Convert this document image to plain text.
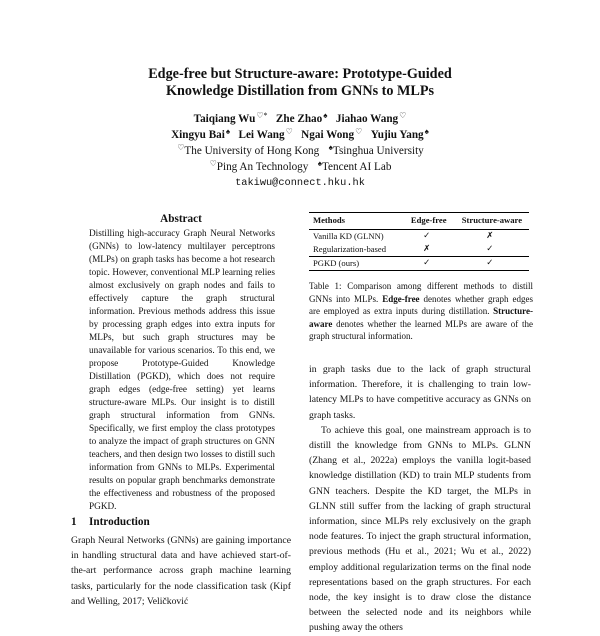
Edge-free but Structure-aware: Prototype-Guided
Knowledge Distillation from GNNs to MLPs
Taiqiang Wu♡* Zhe Zhao♠ Jiahao Wang♡
Xingyu Bai♠ Lei Wang♡ Ngai Wong♡ Yujiu Yang♠
♡The University of Hong Kong ♠Tsinghua University
♡Ping An Technology ♠Tencent AI Lab
takiwu@connect.hku.hk
Abstract
Distilling high-accuracy Graph Neural Networks (GNNs) to low-latency multilayer perceptrons (MLPs) on graph tasks has become a hot research topic. However, conventional MLP learning relies almost exclusively on graph nodes and fails to effectively capture the graph structural information. Previous methods address this issue by processing graph edges into extra inputs for MLPs, but such graph structures may be unavailable for various scenarios. To this end, we propose Prototype-Guided Knowledge Distillation (PGKD), which does not require graph edges (edge-free setting) yet learns structure-aware MLPs. Our insight is to distill graph structural information from GNNs. Specifically, we first employ the class prototypes to analyze the impact of graph structures on GNN teachers, and then design two losses to distill such information from GNNs to MLPs. Experimental results on popular graph benchmarks demonstrate the effectiveness and robustness of the proposed PGKD.
1 Introduction
Graph Neural Networks (GNNs) are gaining importance in handling structural data and have achieved start-of-the-art performance across graph machine learning tasks, particularly for the node classification task (Kipf and Welling, 2017; Veličković
Methods	Edge-free	Structure-aware
Vanilla KD (GLNN)	✓	✗
Regularization-based	✗	✓
PGKD (ours)	✓	✓
Table 1: Comparison among different methods to distill GNNs into MLPs. Edge-free denotes whether graph edges are employed as extra inputs during distillation. Structure-aware denotes whether the learned MLPs are aware of the graph structural information.

in graph tasks due to the lack of graph structural information. Therefore, it is challenging to train low-latency MLPs to have competitive accuracy as GNNs on graph tasks.

To achieve this goal, one mainstream approach is to distill the knowledge from GNNs to MLPs. GLNN (Zhang et al., 2022a) employs the vanilla logit-based knowledge distillation (KD) to train MLP students from GNN teachers. Despite the KD target, the MLPs in GLNN still suffer from the lacking of graph structural information, since MLPs rely exclusively on the graph node features. To inject the graph structural information, previous methods (Hu et al., 2021; Wu et al., 2022) employ additional regularization terms on the final node representations based on the graph structures. For each node, the key insight is to draw close the distance between the selected node and its neighbors while pushing away the others
